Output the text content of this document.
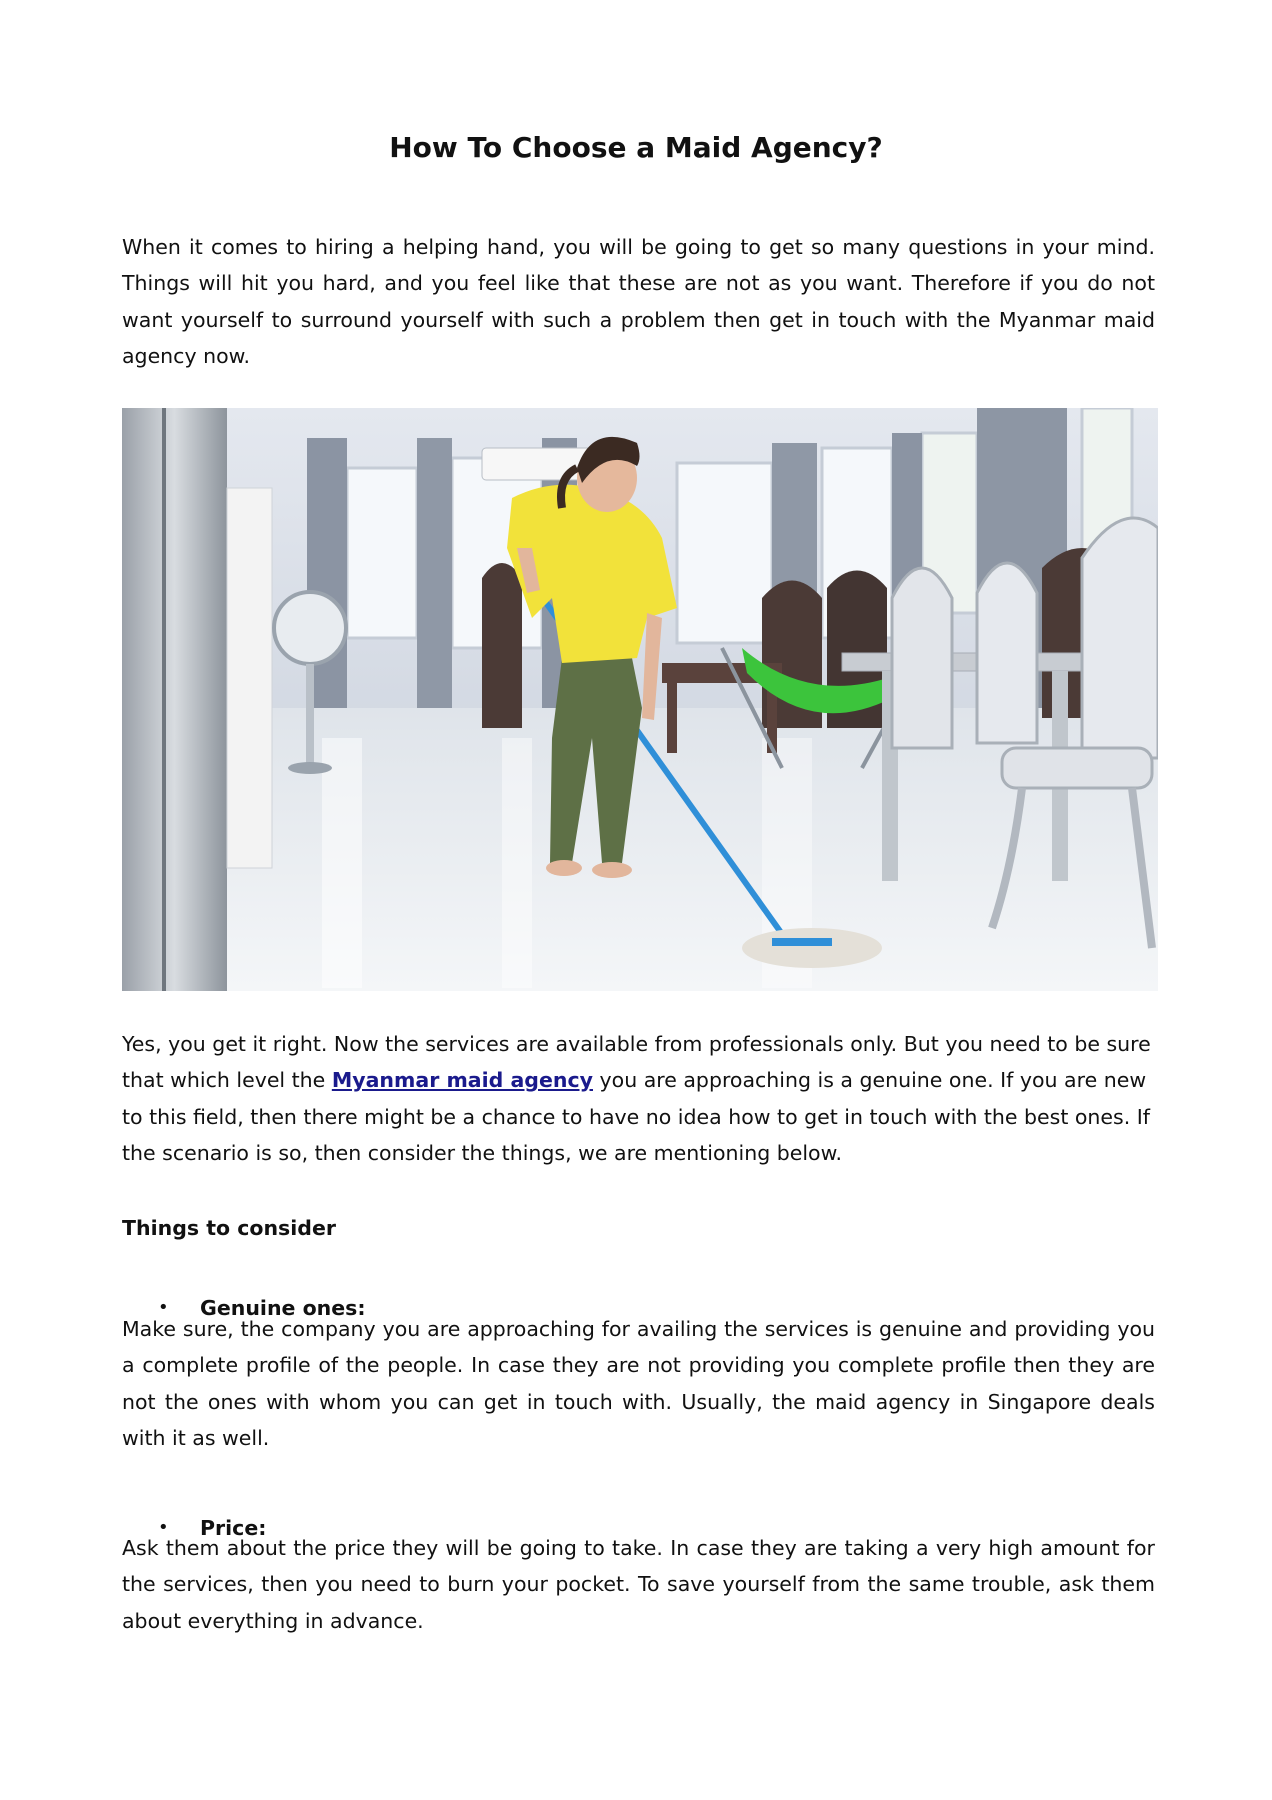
How To Choose a Maid Agency?

When it comes to hiring a helping hand, you will be going to get so many questions in your mind. Things will hit you hard, and you feel like that these are not as you want. Therefore if you do not want yourself to surround yourself with such a problem then get in touch with the Myanmar maid agency now.

Yes, you get it right. Now the services are available from professionals only. But you need to be sure that which level the Myanmar maid agency you are approaching is a genuine one. If you are new to this field, then there might be a chance to have no idea how to get in touch with the best ones. If the scenario is so, then consider the things, we are mentioning below.

Things to consider

•	Genuine ones:

Make sure, the company you are approaching for availing the services is genuine and providing you a complete profile of the people. In case they are not providing you complete profile then they are not the ones with whom you can get in touch with. Usually, the maid agency in Singapore deals with it as well.

•	Price:

Ask them about the price they will be going to take. In case they are taking a very high amount for the services, then you need to burn your pocket. To save yourself from the same trouble, ask them about everything in advance.
